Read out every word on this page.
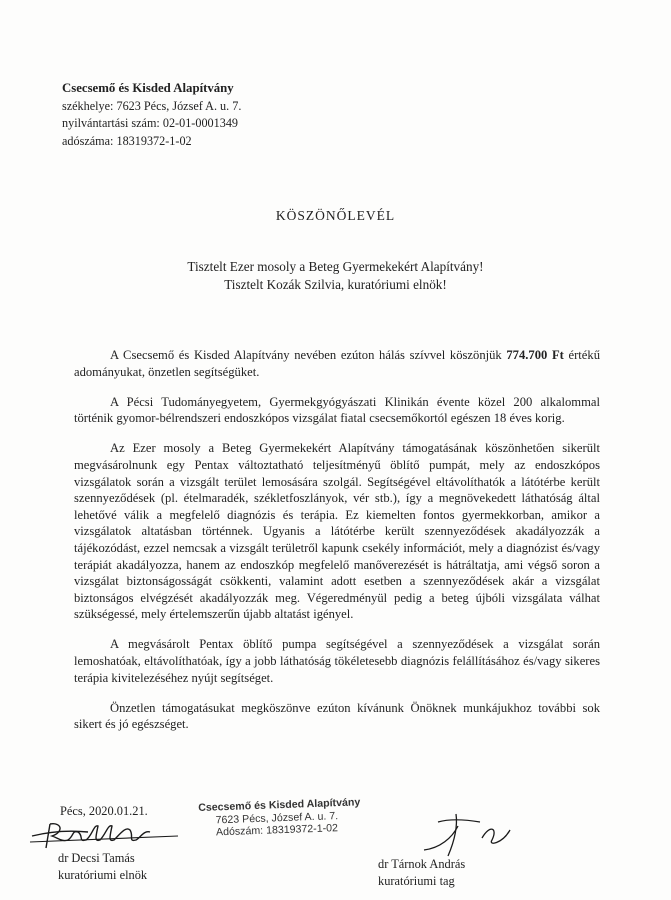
Csecsemő és Kisded Alapítvány
székhelye: 7623 Pécs, József A. u. 7.
nyilvántartási szám: 02-01-0001349
adószáma: 18319372-1-02
KÖSZÖNŐLEVÉL
Tisztelt Ezer mosoly a Beteg Gyermekekért Alapítvány!
Tisztelt Kozák Szilvia, kuratóriumi elnök!

A Csecsemő és Kisded Alapítvány nevében ezúton hálás szívvel köszönjük 774.700 Ft értékű adományukat, önzetlen segítségüket.

A Pécsi Tudományegyetem, Gyermekgyógyászati Klinikán évente közel 200 alkalommal történik gyomor-bélrendszeri endoszkópos vizsgálat fiatal csecsemőkortól egészen 18 éves korig.

Az Ezer mosoly a Beteg Gyermekekért Alapítvány támogatásának köszönhetően sikerült megvásárolnunk egy Pentax változtatható teljesítményű öblítő pumpát, mely az endoszkópos vizsgálatok során a vizsgált terület lemosására szolgál. Segítségével eltávolíthatók a látótérbe került szennyeződések (pl. ételmaradék, székletfoszlányok, vér stb.), így a megnövekedett láthatóság által lehetővé válik a megfelelő diagnózis és terápia. Ez kiemelten fontos gyermekkorban, amikor a vizsgálatok altatásban történnek. Ugyanis a látótérbe került szennyeződések akadályozzák a tájékozódást, ezzel nemcsak a vizsgált területről kapunk csekély információt, mely a diagnózist és/vagy terápiát akadályozza, hanem az endoszkóp megfelelő manőverezését is hátráltatja, ami végső soron a vizsgálat biztonságosságát csökkenti, valamint adott esetben a szennyeződések akár a vizsgálat biztonságos elvégzését akadályozzák meg. Végeredményül pedig a beteg újbóli vizsgálata válhat szükségessé, mely értelemszerűn újabb altatást igényel.

A megvásárolt Pentax öblítő pumpa segítségével a szennyeződések a vizsgálat során lemoshatóak, eltávolíthatóak, így a jobb láthatóság tökéletesebb diagnózis felállításához és/vagy sikeres terápia kivitelezéséhez nyújt segítséget.

Önzetlen támogatásukat megköszönve ezúton kívánunk Önöknek munkájukhoz további sok sikert és jó egészséget.

Pécs, 2020.01.21.	Csecsemő és Kisded Alapítvány
7623 Pécs, József A. u. 7.
Adószám: 18319372-1-02
dr Decsi Tamás
kuratóriumi elnök
dr Tárnok András
kuratóriumi tag
